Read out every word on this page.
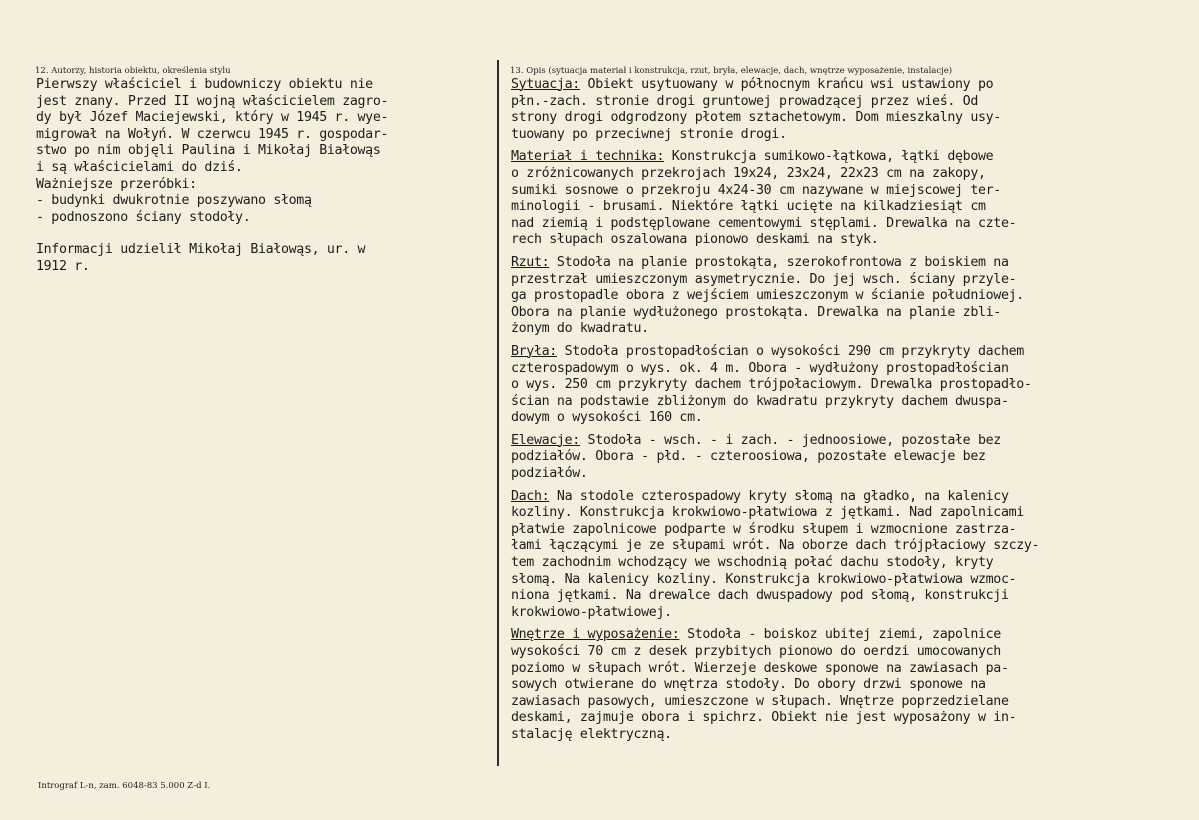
12. Autorzy, historia obiektu, określenia stylu	13. Opis (sytuacja materiał i konstrukcja, rzut, bryła, elewacje, dach, wnętrze wyposażenie, instalacje)
Pierwszy właściciel i budowniczy obiektu nie
jest znany. Przed II wojną właścicielem zagro-
dy był Józef Maciejewski, który w 1945 r. wye-
migrował na Wołyń. W czerwcu 1945 r. gospodar-
stwo po nim objęli Paulina i Mikołaj Białowąs
i są właścicielami do dziś.
Ważniejsze przeróbki:
- budynki dwukrotnie poszywano słomą
- podnoszono ściany stodoły.
Informacji udzielił Mikołaj Białowąs, ur. w
1912 r.
Sytuacja: Obiekt usytuowany w północnym krańcu wsi ustawiony po
płn.-zach. stronie drogi gruntowej prowadzącej przez wieś. Od
strony drogi odgrodzony płotem sztachetowym. Dom mieszkalny usy-
tuowany po przeciwnej stronie drogi.
Materiał i technika: Konstrukcja sumikowo-łątkowa, łątki dębowe
o zróżnicowanych przekrojach 19x24, 23x24, 22x23 cm na zakopy,
sumiki sosnowe o przekroju 4x24-30 cm nazywane w miejscowej ter-
minologii - brusami. Niektóre łątki ucięte na kilkadziesiąt cm
nad ziemią i podstęplowane cementowymi stęplami. Drewalka na czte-
rech słupach oszalowana pionowo deskami na styk.
Rzut: Stodoła na planie prostokąta, szerokofrontowa z boiskiem na
przestrzał umieszczonym asymetrycznie. Do jej wsch. ściany przyle-
ga prostopadle obora z wejściem umieszczonym w ścianie południowej.
Obora na planie wydłużonego prostokąta. Drewalka na planie zbli-
żonym do kwadratu.
Bryła: Stodoła prostopadłościan o wysokości 290 cm przykryty dachem
czterospadowym o wys. ok. 4 m. Obora - wydłużony prostopadłościan
o wys. 250 cm przykryty dachem trójpołaciowym. Drewalka prostopadło-
ścian na podstawie zbliżonym do kwadratu przykryty dachem dwuspa-
dowym o wysokości 160 cm.
Elewacje: Stodoła - wsch. - i zach. - jednoosiowe, pozostałe bez
podziałów. Obora - płd. - czteroosiowa, pozostałe elewacje bez
podziałów.
Dach: Na stodole czterospadowy kryty słomą na gładko, na kalenicy
kozliny. Konstrukcja krokwiowo-płatwiowa z jętkami. Nad zapolnicami
płatwie zapolnicowe podparte w środku słupem i wzmocnione zastrza-
łami łączącymi je ze słupami wrót. Na oborze dach trójpłaciowy szczy-
tem zachodnim wchodzący we wschodnią połać dachu stodoły, kryty
słomą. Na kalenicy kozliny. Konstrukcja krokwiowo-płatwiowa wzmoc-
niona jętkami. Na drewalce dach dwuspadowy pod słomą, konstrukcji
krokwiowo-płatwiowej.
Wnętrze i wyposażenie: Stodoła - boiskoz ubitej ziemi, zapolnice
wysokości 70 cm z desek przybitych pionowo do oerdzi umocowanych
poziomo w słupach wrót. Wierzeje deskowe sponowe na zawiasach pa-
sowych otwierane do wnętrza stodoły. Do obory drzwi sponowe na
zawiasach pasowych, umieszczone w słupach. Wnętrze poprzedzielane
deskami, zajmuje obora i spichrz. Obiekt nie jest wyposażony w in-
stalację elektryczną.
Intrograf L-n, zam. 6048-83 5.000 Z-d I.
